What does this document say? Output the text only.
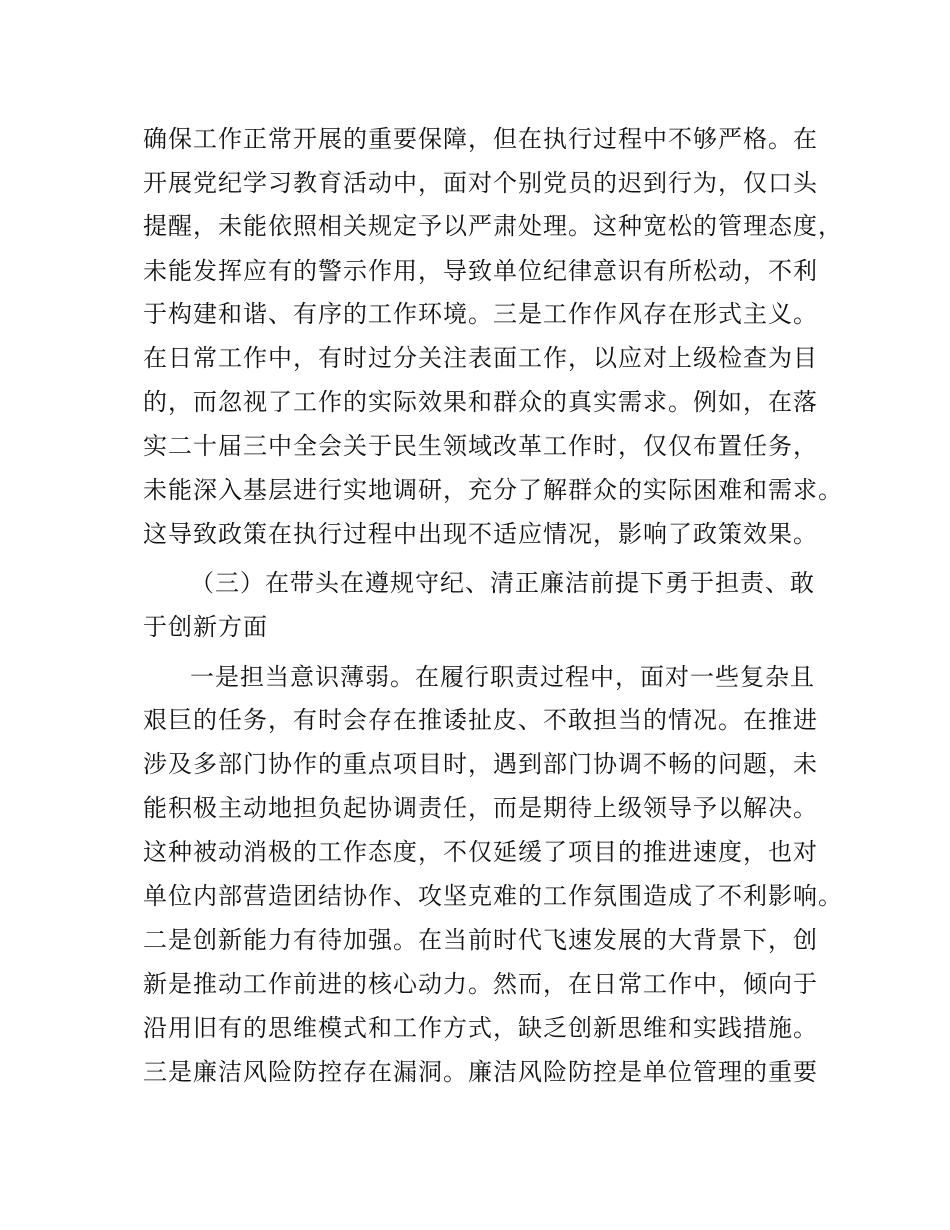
确保工作正常开展的重要保障，但在执行过程中不够严格。在
开展党纪学习教育活动中，面对个别党员的迟到行为，仅口头
提醒，未能依照相关规定予以严肃处理。这种宽松的管理态度，
未能发挥应有的警示作用，导致单位纪律意识有所松动，不利
于构建和谐、有序的工作环境。三是工作作风存在形式主义。
在日常工作中，有时过分关注表面工作，以应对上级检查为目
的，而忽视了工作的实际效果和群众的真实需求。例如，在落
实二十届三中全会关于民生领域改革工作时，仅仅布置任务，
未能深入基层进行实地调研，充分了解群众的实际困难和需求。
这导致政策在执行过程中出现不适应情况，影响了政策效果。
（三）在带头在遵规守纪、清正廉洁前提下勇于担责、敢
于创新方面
一是担当意识薄弱。在履行职责过程中，面对一些复杂且
艰巨的任务，有时会存在推诿扯皮、不敢担当的情况。在推进
涉及多部门协作的重点项目时，遇到部门协调不畅的问题，未
能积极主动地担负起协调责任，而是期待上级领导予以解决。
这种被动消极的工作态度，不仅延缓了项目的推进速度，也对
单位内部营造团结协作、攻坚克难的工作氛围造成了不利影响。
二是创新能力有待加强。在当前时代飞速发展的大背景下，创
新是推动工作前进的核心动力。然而，在日常工作中，倾向于
沿用旧有的思维模式和工作方式，缺乏创新思维和实践措施。
三是廉洁风险防控存在漏洞。廉洁风险防控是单位管理的重要
